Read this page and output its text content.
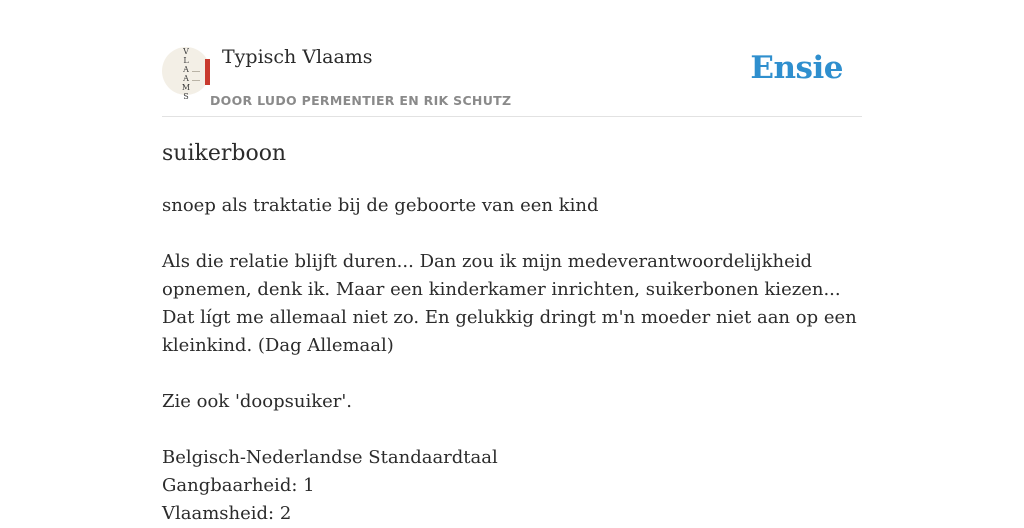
V
L
A
A
M
S
Typisch Vlaams
DOOR LUDO PERMENTIER EN RIK SCHUTZ
Ensie
suikerboon

snoep als traktatie bij de geboorte van een kind

Als die relatie blijft duren... Dan zou ik mijn medeverantwoordelijkheid opnemen, denk ik. Maar een kinderkamer inrichten, suikerbonen kiezen... Dat lígt me allemaal niet zo. En gelukkig dringt m'n moeder niet aan op een kleinkind. (Dag Allemaal)

Zie ook 'doopsuiker'.

Belgisch-Nederlandse Standaardtaal

Gangbaarheid: 1

Vlaamsheid: 2
